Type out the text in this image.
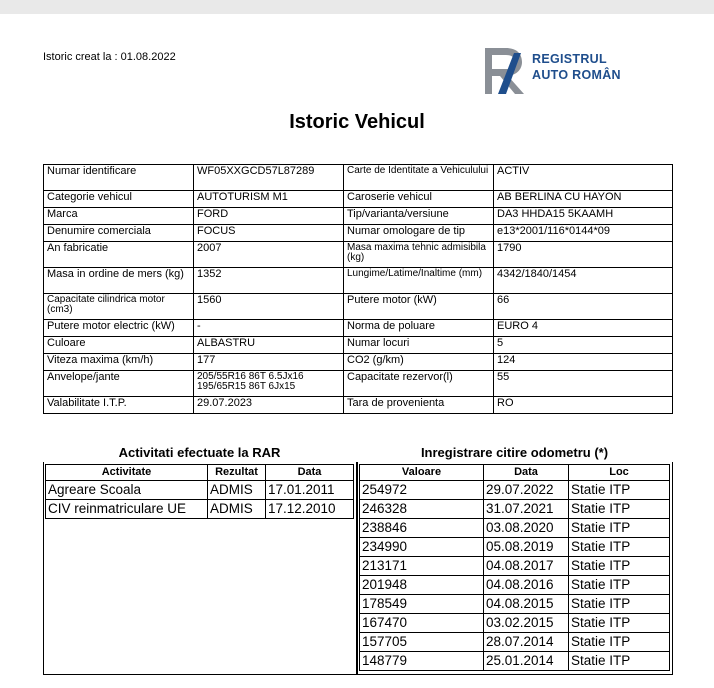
Istoric creat la : 01.08.2022	REGISTRUL
AUTO ROMÂN
Istoric Vehicul
Numar identificare	WF05XXGCD57L87289	Carte de Identitate a Vehiculului	ACTIV
Categorie vehicul	AUTOTURISM M1	Caroserie vehicul	AB BERLINA CU HAYON
Marca	FORD	Tip/varianta/versiune	DA3 HHDA15 5KAAMH
Denumire comerciala	FOCUS	Numar omologare de tip	e13*2001/116*0144*09
An fabricatie	2007	Masa maxima tehnic admisibila (kg)	1790
Masa in ordine de mers (kg)	1352	Lungime/Latime/Inaltime (mm)	4342/1840/1454
Capacitate cilindrica motor (cm3)	1560	Putere motor (kW)	66
Putere motor electric (kW)	-	Norma de poluare	EURO 4
Culoare	ALBASTRU	Numar locuri	5
Viteza maxima (km/h)	177	CO2 (g/km)	124
Anvelope/jante	205/55R16 86T 6.5Jx16
195/65R15 86T 6Jx15	Capacitate rezervor(l)	55
Valabilitate I.T.P.	29.07.2023	Tara de provenienta	RO
Activitati efectuate la RAR	Inregistrare citire odometru (*)
Activitate	Rezultat	Data
Agreare Scoala	ADMIS	17.01.2011
CIV reinmatriculare UE	ADMIS	17.12.2010
Valoare	Data	Loc
254972	29.07.2022	Statie ITP
246328	31.07.2021	Statie ITP
238846	03.08.2020	Statie ITP
234990	05.08.2019	Statie ITP
213171	04.08.2017	Statie ITP
201948	04.08.2016	Statie ITP
178549	04.08.2015	Statie ITP
167470	03.02.2015	Statie ITP
157705	28.07.2014	Statie ITP
148779	25.01.2014	Statie ITP
